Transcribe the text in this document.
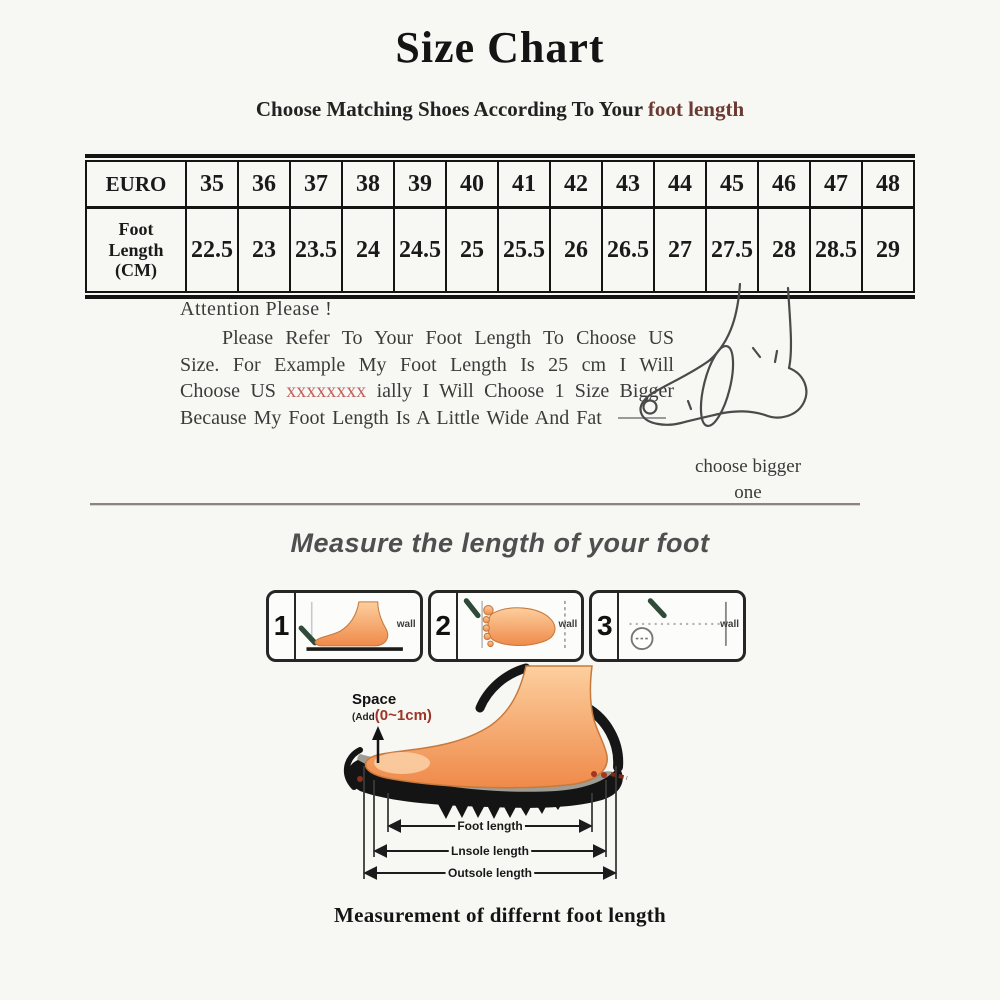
Size Chart
Choose Matching Shoes According To Your foot length
EURO	35	36	37	38	39	40	41	42	43	44	45	46	47	48
Foot Length (CM)	22.5	23	23.5	24	24.5	25	25.5	26	26.5	27	27.5	28	28.5	29
Attention Please !

Please Refer To Your Foot Length To Choose US Size. For Example My Foot Length Is 25 cm I Will Choose US xxxxxxxx ially I Will Choose 1 Size Bigger Because My Foot Length Is A Little Wide And Fat

choose bigger one
Measure the length of your foot
1	wall 2	wall 3	wall
Foot length
Lnsole length
Outsole length
Space
(Add(0~1cm)
Measurement of differnt foot length
